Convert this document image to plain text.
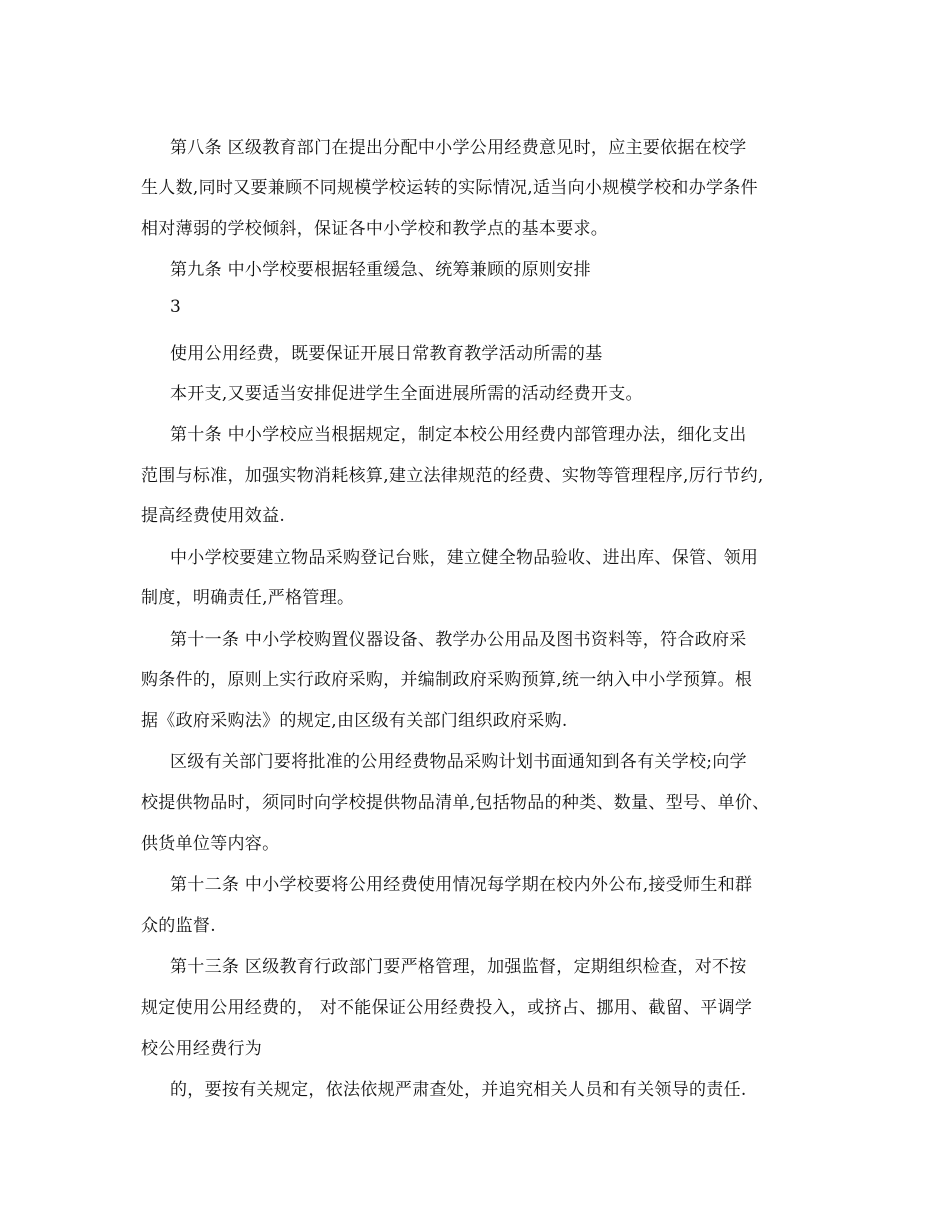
第八条 区级教育部门在提出分配中小学公用经费意见时，应主要依据在校学
生人数,同时又要兼顾不同规模学校运转的实际情况,适当向小规模学校和办学条件
相对薄弱的学校倾斜，保证各中小学校和教学点的基本要求。
第九条 中小学校要根据轻重缓急、统筹兼顾的原则安排
3
使用公用经费，既要保证开展日常教育教学活动所需的基
本开支,又要适当安排促进学生全面进展所需的活动经费开支。
第十条 中小学校应当根据规定，制定本校公用经费内部管理办法，细化支出
范围与标准，加强实物消耗核算,建立法律规范的经费、实物等管理程序,厉行节约,
提高经费使用效益.
中小学校要建立物品采购登记台账，建立健全物品验收、进出库、保管、领用
制度，明确责任,严格管理。
第十一条 中小学校购置仪器设备、教学办公用品及图书资料等，符合政府采
购条件的，原则上实行政府采购，并编制政府采购预算,统一纳入中小学预算。根
据《政府采购法》的规定,由区级有关部门组织政府采购.
区级有关部门要将批准的公用经费物品采购计划书面通知到各有关学校;向学
校提供物品时，须同时向学校提供物品清单,包括物品的种类、数量、型号、单价、
供货单位等内容。
第十二条 中小学校要将公用经费使用情况每学期在校内外公布,接受师生和群
众的监督.
第十三条 区级教育行政部门要严格管理，加强监督，定期组织检查，对不按
规定使用公用经费的， 对不能保证公用经费投入，或挤占、挪用、截留、平调学
校公用经费行为
的，要按有关规定，依法依规严肃查处，并追究相关人员和有关领导的责任.
